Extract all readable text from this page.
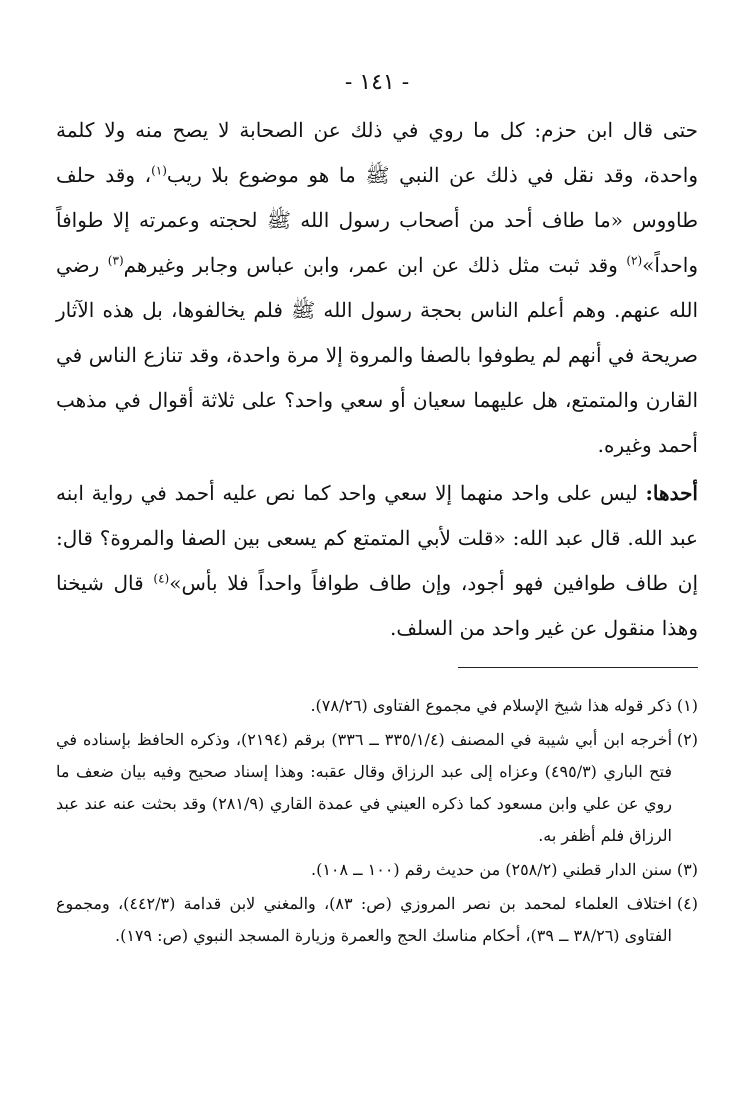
- ١٤١ -

حتى قال ابن حزم: كل ما روي في ذلك عن الصحابة لا يصح منه ولا كلمة واحدة، وقد نقل في ذلك عن النبي ﷺ ما هو موضوع بلا ريب$^{(١)}$، وقد حلف طاووس «ما طاف أحد من أصحاب رسول الله ﷺ لحجته وعمرته إلا طوافاً واحداً»$^{(٢)}$ وقد ثبت مثل ذلك عن ابن عمر، وابن عباس وجابر وغيرهم$^{(٣)}$ رضي الله عنهم. وهم أعلم الناس بحجة رسول الله ﷺ فلم يخالفوها، بل هذه الآثار صريحة في أنهم لم يطوفوا بالصفا والمروة إلا مرة واحدة، وقد تنازع الناس في القارن والمتمتع، هل عليهما سعيان أو سعي واحد؟ على ثلاثة أقوال في مذهب أحمد وغيره.

أحدها: ليس على واحد منهما إلا سعي واحد كما نص عليه أحمد في رواية ابنه عبد الله. قال عبد الله: «قلت لأبي المتمتع كم يسعى بين الصفا والمروة؟ قال: إن طاف طوافين فهو أجود، وإن طاف طوافاً واحداً فلا بأس»$^{(٤)}$ قال شيخنا وهذا منقول عن غير واحد من السلف.

(١)
ذكر قوله هذا شيخ الإسلام في مجموع الفتاوى (٧٨/٢٦).

(٢)
أخرجه ابن أبي شيبة في المصنف (٣٣٥/١/٤ ــ ٣٣٦) برقم (٢١٩٤)، وذكره الحافظ بإسناده في فتح الباري (٤٩٥/٣) وعزاه إلى عبد الرزاق وقال عقبه: وهذا إسناد صحيح وفيه بيان ضعف ما روي عن علي وابن مسعود كما ذكره العيني في عمدة القاري (٢٨١/٩) وقد بحثت عنه عند عبد الرزاق فلم أظفر به.

(٣)
سنن الدار قطني (٢٥٨/٢) من حديث رقم (١٠٠ ــ ١٠٨).

(٤)
اختلاف العلماء لمحمد بن نصر المروزي (ص: ٨٣)، والمغني لابن قدامة (٤٤٢/٣)، ومجموع الفتاوى (٣٨/٢٦ ــ ٣٩)، أحكام مناسك الحج والعمرة وزيارة المسجد النبوي (ص: ١٧٩).
